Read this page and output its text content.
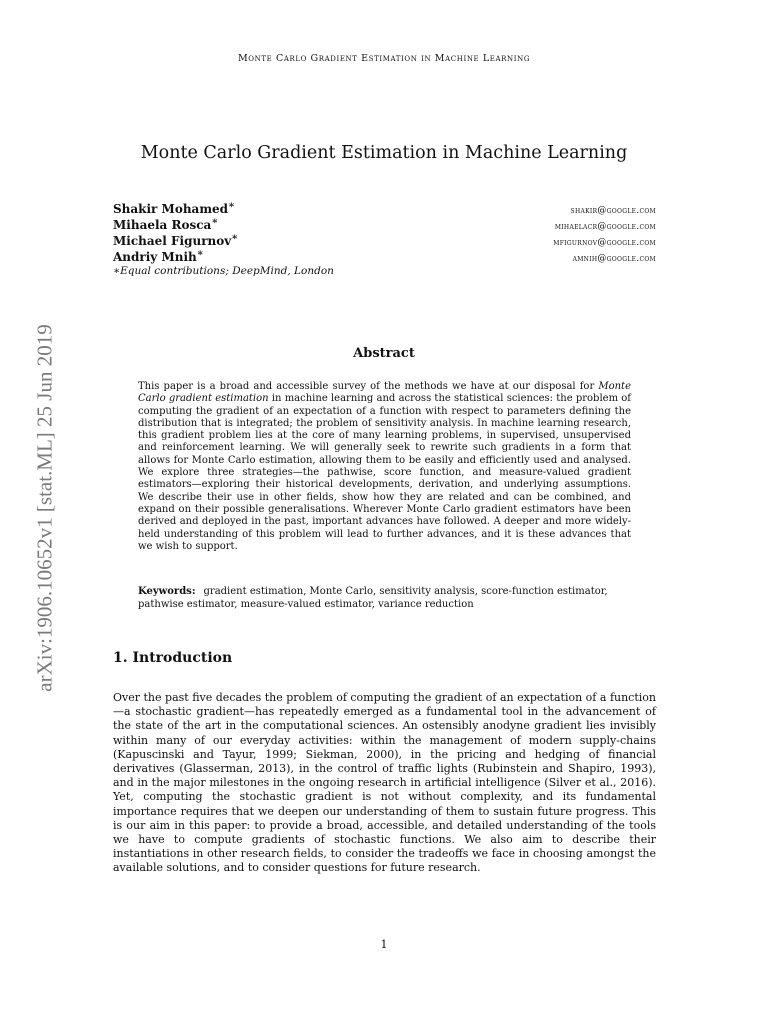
Monte Carlo Gradient Estimation in Machine Learning
arXiv:1906.10652v1 [stat.ML] 25 Jun 2019
Monte Carlo Gradient Estimation in Machine Learning
Shakir Mohamed∗	shakir@google.com
Mihaela Rosca∗	mihaelacr@google.com
Michael Figurnov∗	mfigurnov@google.com
Andriy Mnih∗	amnih@google.com
∗Equal contributions; DeepMind, London
Abstract

This paper is a broad and accessible survey of the methods we have at our disposal for Monte Carlo gradient estimation in machine learning and across the statistical sciences: the problem of computing the gradient of an expectation of a function with respect to parameters defining the distribution that is integrated; the problem of sensitivity analysis. In machine learning research, this gradient problem lies at the core of many learning problems, in supervised, unsupervised and reinforcement learning. We will generally seek to rewrite such gradients in a form that allows for Monte Carlo estimation, allowing them to be easily and efficiently used and analysed. We explore three strategies—the pathwise, score function, and measure-valued gradient estimators—exploring their historical developments, derivation, and underlying assumptions. We describe their use in other fields, show how they are related and can be combined, and expand on their possible generalisations. Wherever Monte Carlo gradient estimators have been derived and deployed in the past, important advances have followed. A deeper and more widely-held understanding of this problem will lead to further advances, and it is these advances that we wish to support.

Keywords: gradient estimation, Monte Carlo, sensitivity analysis, score-function estimator, pathwise estimator, measure-valued estimator, variance reduction

1. Introduction

Over the past five decades the problem of computing the gradient of an expectation of a function—a stochastic gradient—has repeatedly emerged as a fundamental tool in the advancement of the state of the art in the computational sciences. An ostensibly anodyne gradient lies invisibly within many of our everyday activities: within the management of modern supply-chains (Kapuscinski and Tayur, 1999; Siekman, 2000), in the pricing and hedging of financial derivatives (Glasserman, 2013), in the control of traffic lights (Rubinstein and Shapiro, 1993), and in the major milestones in the ongoing research in artificial intelligence (Silver et al., 2016). Yet, computing the stochastic gradient is not without complexity, and its fundamental importance requires that we deepen our understanding of them to sustain future progress. This is our aim in this paper: to provide a broad, accessible, and detailed understanding of the tools we have to compute gradients of stochastic functions. We also aim to describe their instantiations in other research fields, to consider the tradeoffs we face in choosing amongst the available solutions, and to consider questions for future research.

1
